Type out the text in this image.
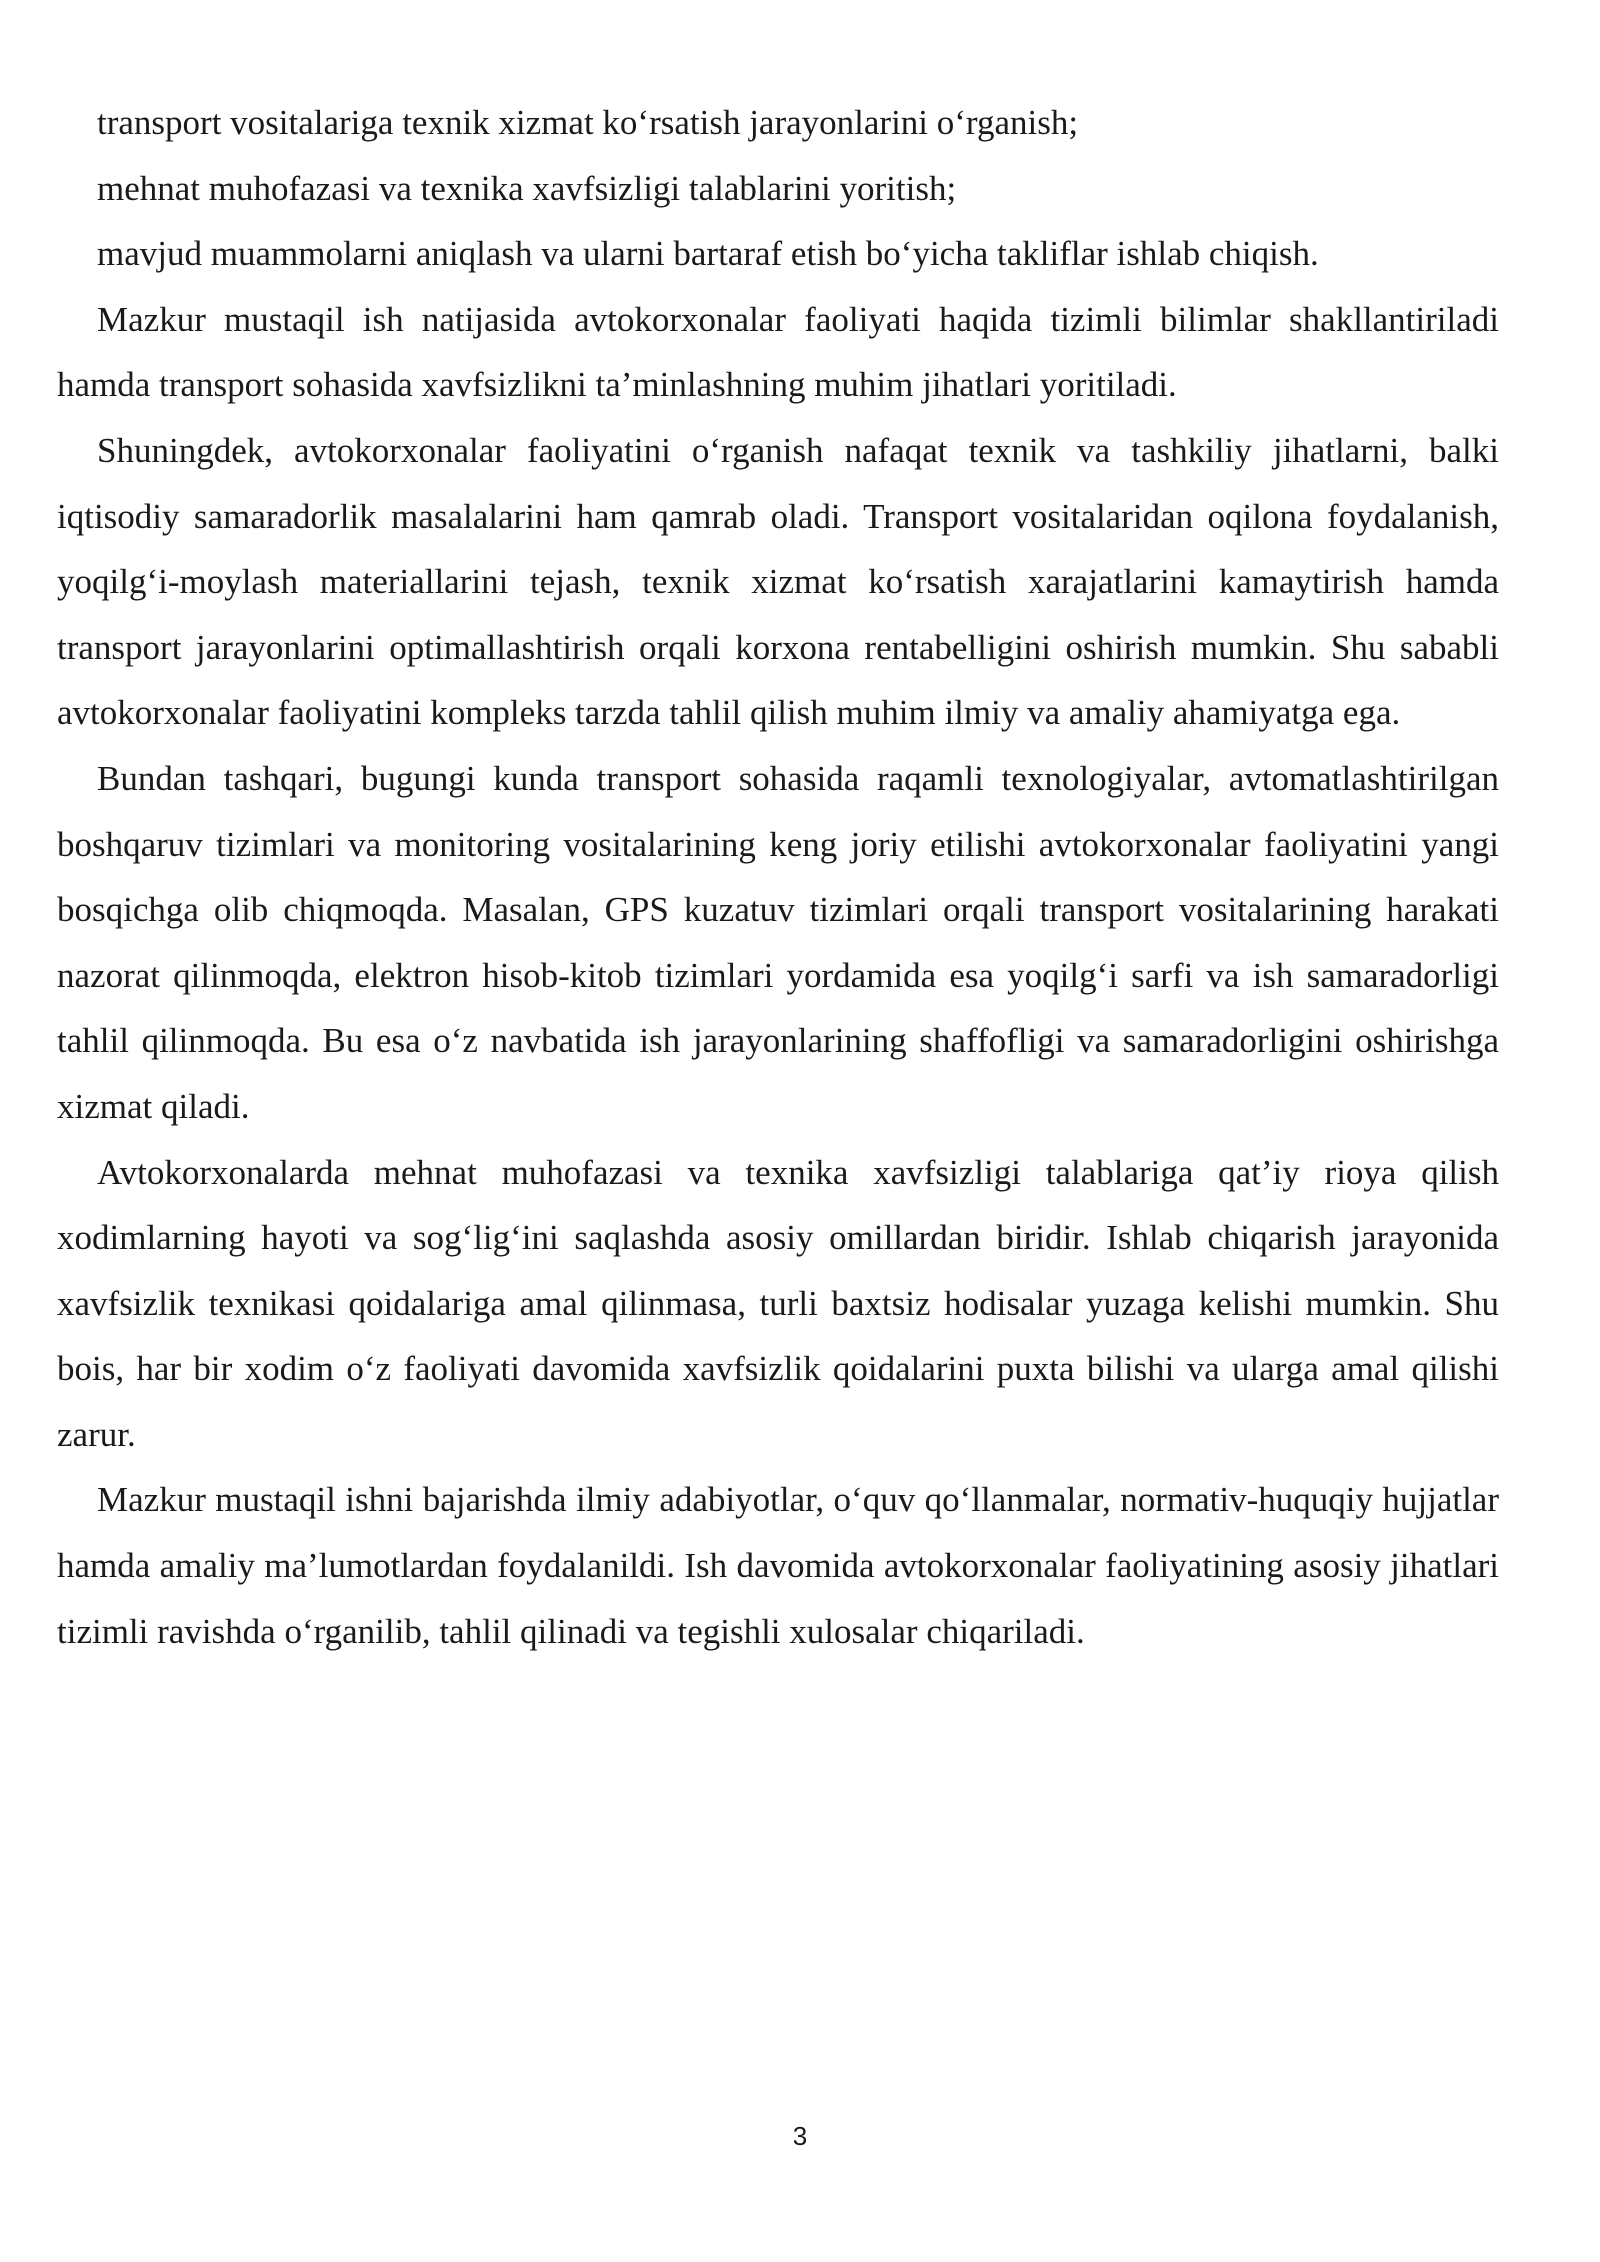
transport vositalariga texnik xizmat ko‘rsatish jarayonlarini o‘rganish;

mehnat muhofazasi va texnika xavfsizligi talablarini yoritish;

mavjud muammolarni aniqlash va ularni bartaraf etish bo‘yicha takliflar ishlab chiqish.

Mazkur mustaqil ish natijasida avtokorxonalar faoliyati haqida tizimli bilimlar shakllantiriladi hamda transport sohasida xavfsizlikni ta’minlashning muhim jihatlari yoritiladi.

Shuningdek, avtokorxonalar faoliyatini o‘rganish nafaqat texnik va tashkiliy jihatlarni, balki iqtisodiy samaradorlik masalalarini ham qamrab oladi. Transport vositalaridan oqilona foydalanish, yoqilg‘i-moylash materiallarini tejash, texnik xizmat ko‘rsatish xarajatlarini kamaytirish hamda transport jarayonlarini optimallashtirish orqali korxona rentabelligini oshirish mumkin. Shu sababli avtokorxonalar faoliyatini kompleks tarzda tahlil qilish muhim ilmiy va amaliy ahamiyatga ega.

Bundan tashqari, bugungi kunda transport sohasida raqamli texnologiyalar, avtomatlashtirilgan boshqaruv tizimlari va monitoring vositalarining keng joriy etilishi avtokorxonalar faoliyatini yangi bosqichga olib chiqmoqda. Masalan, GPS kuzatuv tizimlari orqali transport vositalarining harakati nazorat qilinmoqda, elektron hisob-kitob tizimlari yordamida esa yoqilg‘i sarfi va ish samaradorligi tahlil qilinmoqda. Bu esa o‘z navbatida ish jarayonlarining shaffofligi va samaradorligini oshirishga xizmat qiladi.

Avtokorxonalarda mehnat muhofazasi va texnika xavfsizligi talablariga qat’iy rioya qilish xodimlarning hayoti va sog‘lig‘ini saqlashda asosiy omillardan biridir. Ishlab chiqarish jarayonida xavfsizlik texnikasi qoidalariga amal qilinmasa, turli baxtsiz hodisalar yuzaga kelishi mumkin. Shu bois, har bir xodim o‘z faoliyati davomida xavfsizlik qoidalarini puxta bilishi va ularga amal qilishi zarur.

Mazkur mustaqil ishni bajarishda ilmiy adabiyotlar, o‘quv qo‘llanmalar, normativ-huquqiy hujjatlar hamda amaliy ma’lumotlardan foydalanildi. Ish davomida avtokorxonalar faoliyatining asosiy jihatlari tizimli ravishda o‘rganilib, tahlil qilinadi va tegishli xulosalar chiqariladi.

3
